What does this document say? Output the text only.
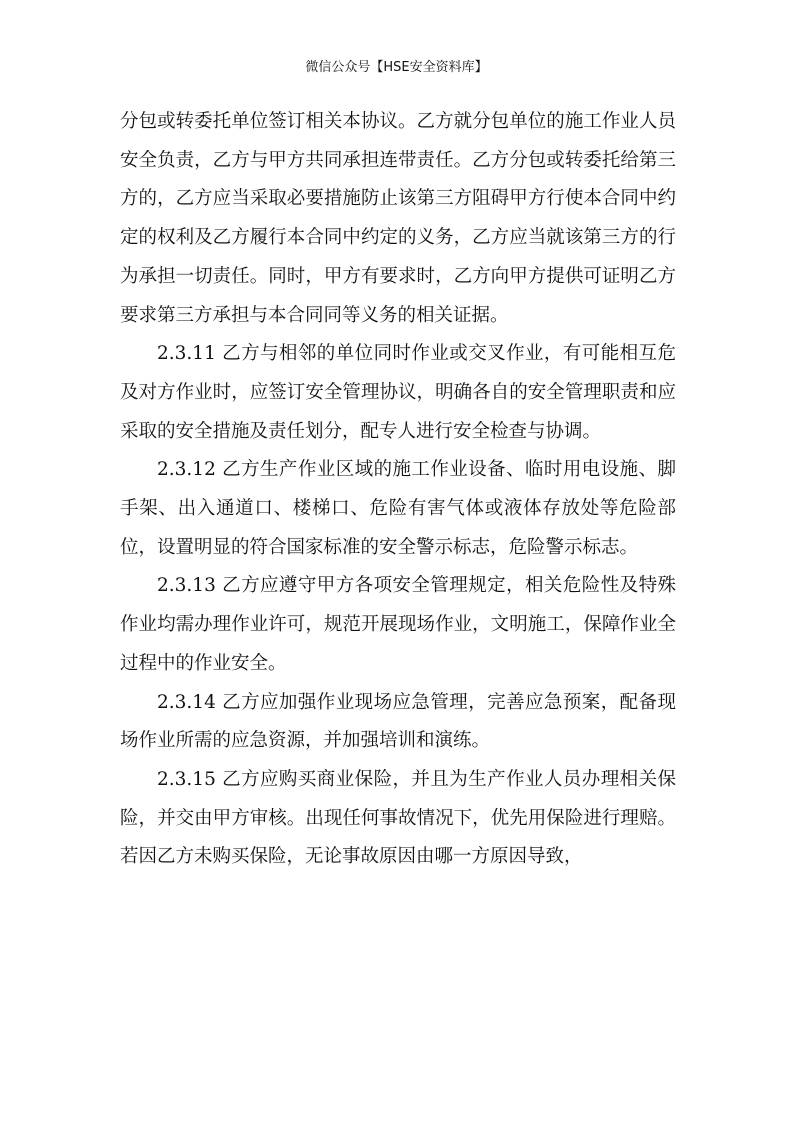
微信公众号【HSE安全资料库】

分包或转委托单位签订相关本协议。乙方就分包单位的施工作业人员安全负责，乙方与甲方共同承担连带责任。乙方分包或转委托给第三方的，乙方应当采取必要措施防止该第三方阻碍甲方行使本合同中约定的权利及乙方履行本合同中约定的义务，乙方应当就该第三方的行为承担一切责任。同时，甲方有要求时，乙方向甲方提供可证明乙方要求第三方承担与本合同同等义务的相关证据。

2.3.11 乙方与相邻的单位同时作业或交叉作业，有可能相互危及对方作业时，应签订安全管理协议，明确各自的安全管理职责和应采取的安全措施及责任划分，配专人进行安全检查与协调。

2.3.12 乙方生产作业区域的施工作业设备、临时用电设施、脚手架、出入通道口、楼梯口、危险有害气体或液体存放处等危险部位，设置明显的符合国家标准的安全警示标志，危险警示标志。

2.3.13 乙方应遵守甲方各项安全管理规定，相关危险性及特殊作业均需办理作业许可，规范开展现场作业，文明施工，保障作业全过程中的作业安全。

2.3.14 乙方应加强作业现场应急管理，完善应急预案，配备现场作业所需的应急资源，并加强培训和演练。

2.3.15 乙方应购买商业保险，并且为生产作业人员办理相关保险，并交由甲方审核。出现任何事故情况下，优先用保险进行理赔。若因乙方未购买保险，无论事故原因由哪一方原因导致，
